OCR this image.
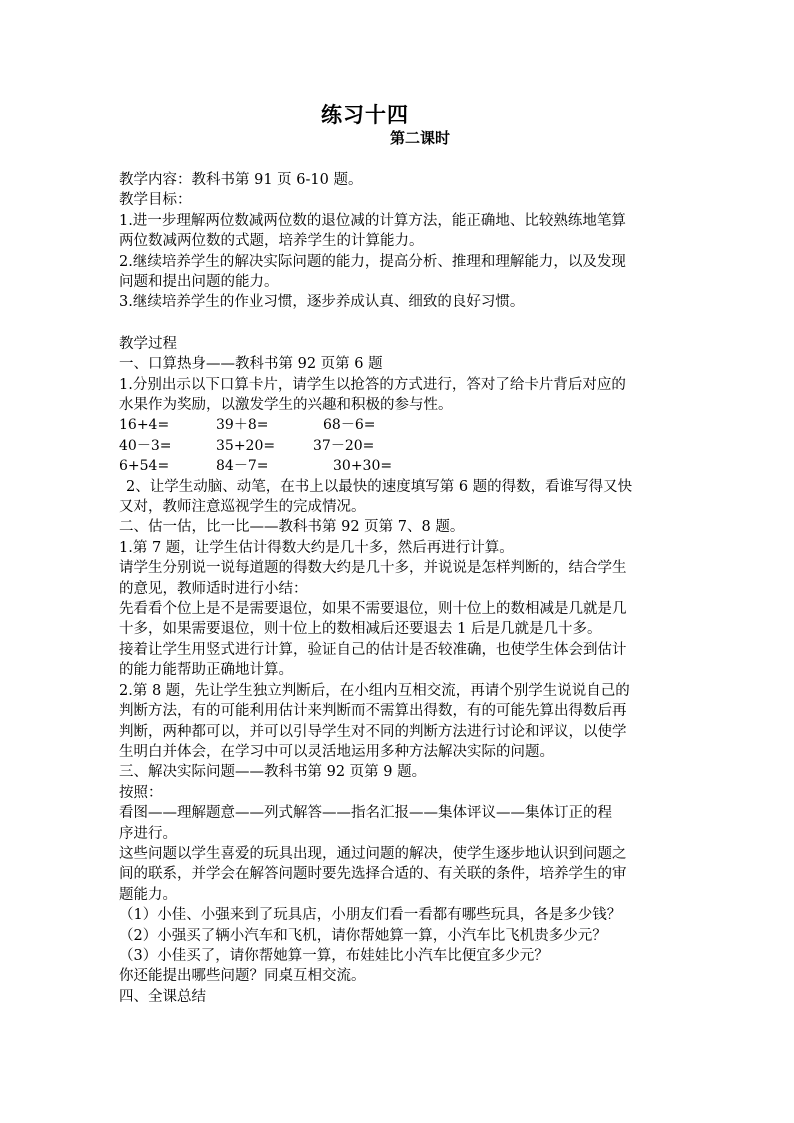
练习十四
第二课时

教学内容：教科书第 91 页 6-10 题。

教学目标：

1.进一步理解两位数减两位数的退位减的计算方法，能正确地、比较熟练地笔算

两位数减两位数的式题，培养学生的计算能力。

2.继续培养学生的解决实际问题的能力，提高分析、推理和理解能力，以及发现

问题和提出问题的能力。

3.继续培养学生的作业习惯，逐步养成认真、细致的良好习惯。

教学过程

一、口算热身——教科书第 92 页第 6 题

1.分别出示以下口算卡片，请学生以抢答的方式进行，答对了给卡片背后对应的

水果作为奖励，以激发学生的兴趣和积极的参与性。

16+4=	39＋8=	68－6=
40－3=	35+20=	37－20=
6+54=	84－7=	30+30=

2、让学生动脑、动笔，在书上以最快的速度填写第 6 题的得数，看谁写得又快

又对，教师注意巡视学生的完成情况。

二、估一估，比一比——教科书第 92 页第 7、8 题。

1.第 7 题，让学生估计得数大约是几十多，然后再进行计算。

请学生分别说一说每道题的得数大约是几十多，并说说是怎样判断的，结合学生

的意见，教师适时进行小结：

先看看个位上是不是需要退位，如果不需要退位，则十位上的数相减是几就是几

十多，如果需要退位，则十位上的数相减后还要退去 1 后是几就是几十多。

接着让学生用竖式进行计算，验证自己的估计是否较准确，也使学生体会到估计

的能力能帮助正确地计算。

2.第 8 题，先让学生独立判断后，在小组内互相交流，再请个别学生说说自己的

判断方法，有的可能利用估计来判断而不需算出得数，有的可能先算出得数后再

判断，两种都可以，并可以引导学生对不同的判断方法进行讨论和评议，以使学

生明白并体会，在学习中可以灵活地运用多种方法解决实际的问题。

三、解决实际问题——教科书第 92 页第 9 题。

按照：

看图——理解题意——列式解答——指名汇报——集体评议——集体订正的程

序进行。

这些问题以学生喜爱的玩具出现，通过问题的解决，使学生逐步地认识到问题之

间的联系，并学会在解答问题时要先选择合适的、有关联的条件，培养学生的审

题能力。

（1）小佳、小强来到了玩具店，小朋友们看一看都有哪些玩具，各是多少钱？

（2）小强买了辆小汽车和飞机，请你帮她算一算，小汽车比飞机贵多少元？

（3）小佳买了，请你帮她算一算，布娃娃比小汽车比便宜多少元？

你还能提出哪些问题？同桌互相交流。

四、全课总结
